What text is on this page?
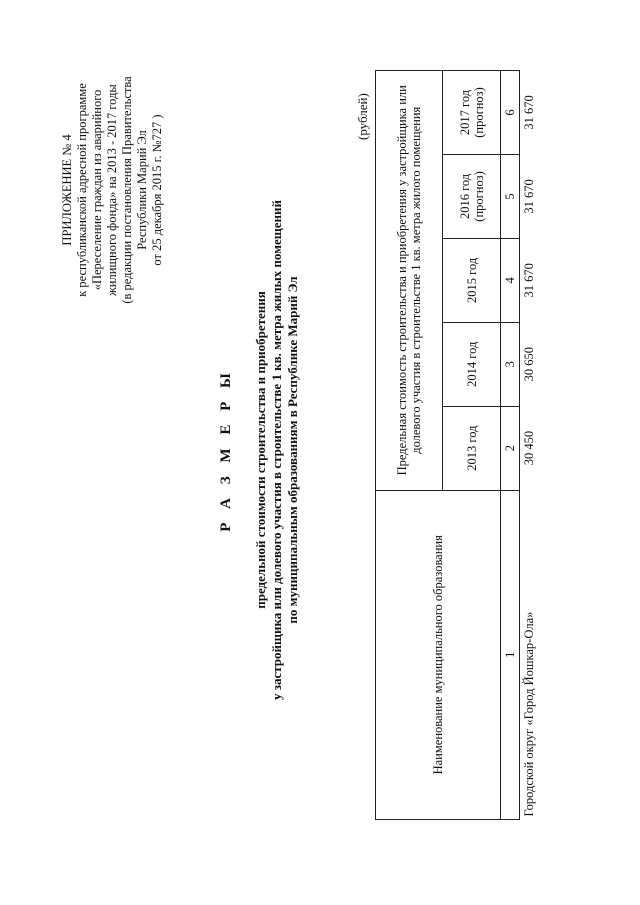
ПРИЛОЖЕНИЕ № 4 к республиканской адресной программе «Переселение граждан из аварийного жилищного фонда» на 2013 - 2017 годы (в редакции постановления Правительства Республики Марий Эл от 25 декабря 2015 г. №727 )
Р А З М Е Р Ы предельной стоимости строительства и приобретения у застройщика или долевого участия в строительстве 1 кв. метра жилых помещений по муниципальным образованиям в Республике Марий Эл
(рублей)
Наименование муниципального образования	Предельная стоимость строительства и приобретения у застройщика или долевого участия в строительстве 1 кв. метра жилого помещения				
	2013 год	2014 год	2015 год	2016 год (прогноз)	2017 год (прогноз)
1	2	3	4	5	6
Городской округ «Город Йошкар-Ола»	30 450	30 650	31 670	31 670	31 670
